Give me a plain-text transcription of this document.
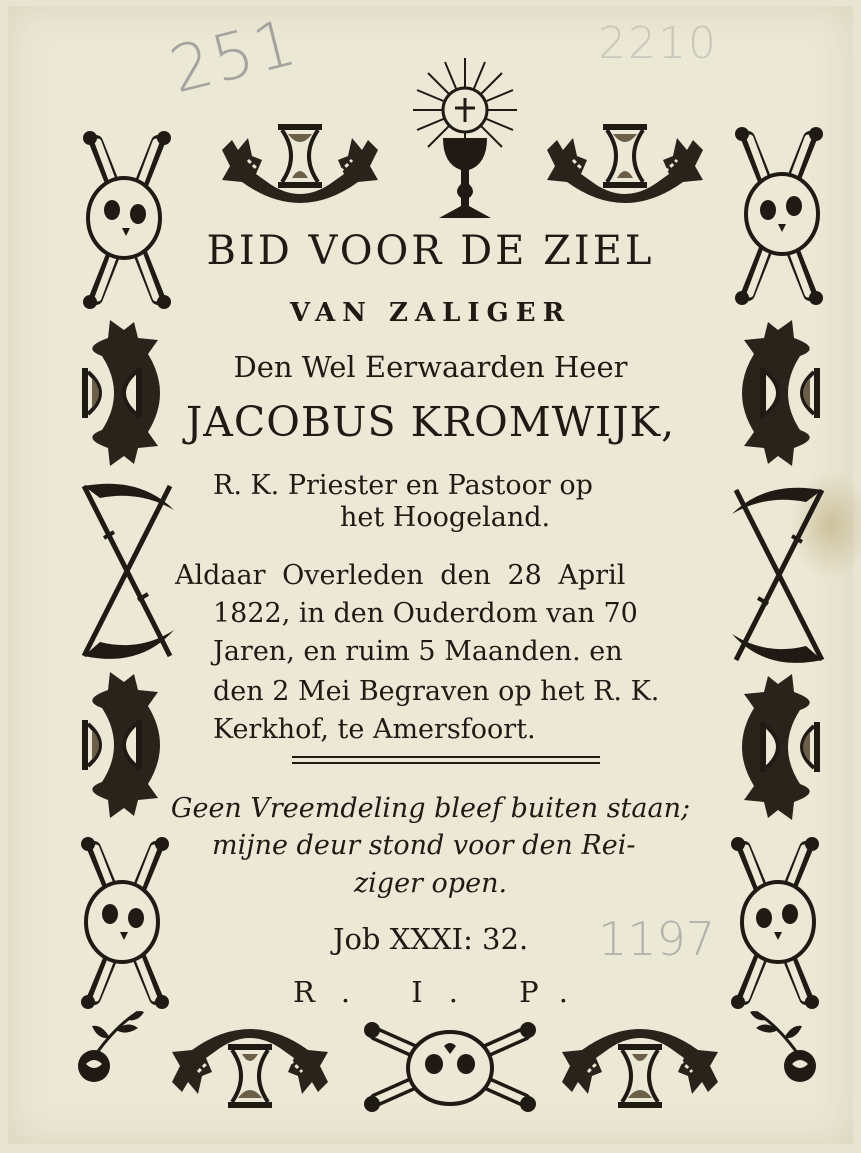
251	2210
1197
BID VOOR DE ZIEL
VAN ZALIGER
Den Wel Eerwaarden Heer
JACOBUS KROMWIJK,
R. K. Priester en Pastoor op
het Hoogeland.
Aldaar Overleden den 28 April
1822, in den Ouderdom van 70
Jaren, en ruim 5 Maanden. en
den 2 Mei Begraven op het R. K.
Kerkhof, te Amersfoort.
Geen Vreemdeling bleef buiten staan;
mijne deur stond voor den Rei-
ziger open.
Job XXXI: 32.
R. I. P.
